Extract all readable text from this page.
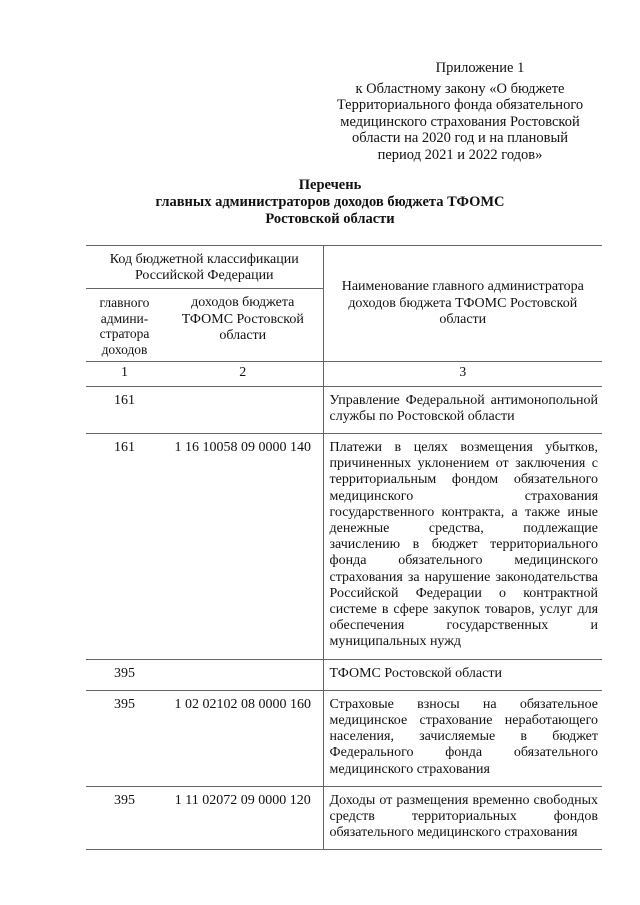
Приложение 1
к Областному закону «О бюджете Территориального фонда обязательного медицинского страхования Ростовской области на 2020 год и на плановый период 2021 и 2022 годов»
Перечень
главных администраторов доходов бюджета ТФОМС
Ростовской области
Код бюджетной классификации Российской Федерации		Наименование главного администратора доходов бюджета ТФОМС Ростовской области
главного админи-стратора доходов	доходов бюджета ТФОМС Ростовской области	
1	2	3
161		Управление Федеральной антимонопольной службы по Ростовской области
161	1 16 10058 09 0000 140	Платежи в целях возмещения убытков, причиненных уклонением от заключения с территориальным фондом обязательного медицинского страхования государственного контракта, а также иные денежные средства, подлежащие зачислению в бюджет территориального фонда обязательного медицинского страхования за нарушение законодательства Российской Федерации о контрактной системе в сфере закупок товаров, услуг для обеспечения государственных и муниципальных нужд
395		ТФОМС Ростовской области
395	1 02 02102 08 0000 160	Страховые взносы на обязательное медицинское страхование неработающего населения, зачисляемые в бюджет Федерального фонда обязательного медицинского страхования
395	1 11 02072 09 0000 120	Доходы от размещения временно свободных средств территориальных фондов обязательного медицинского страхования
